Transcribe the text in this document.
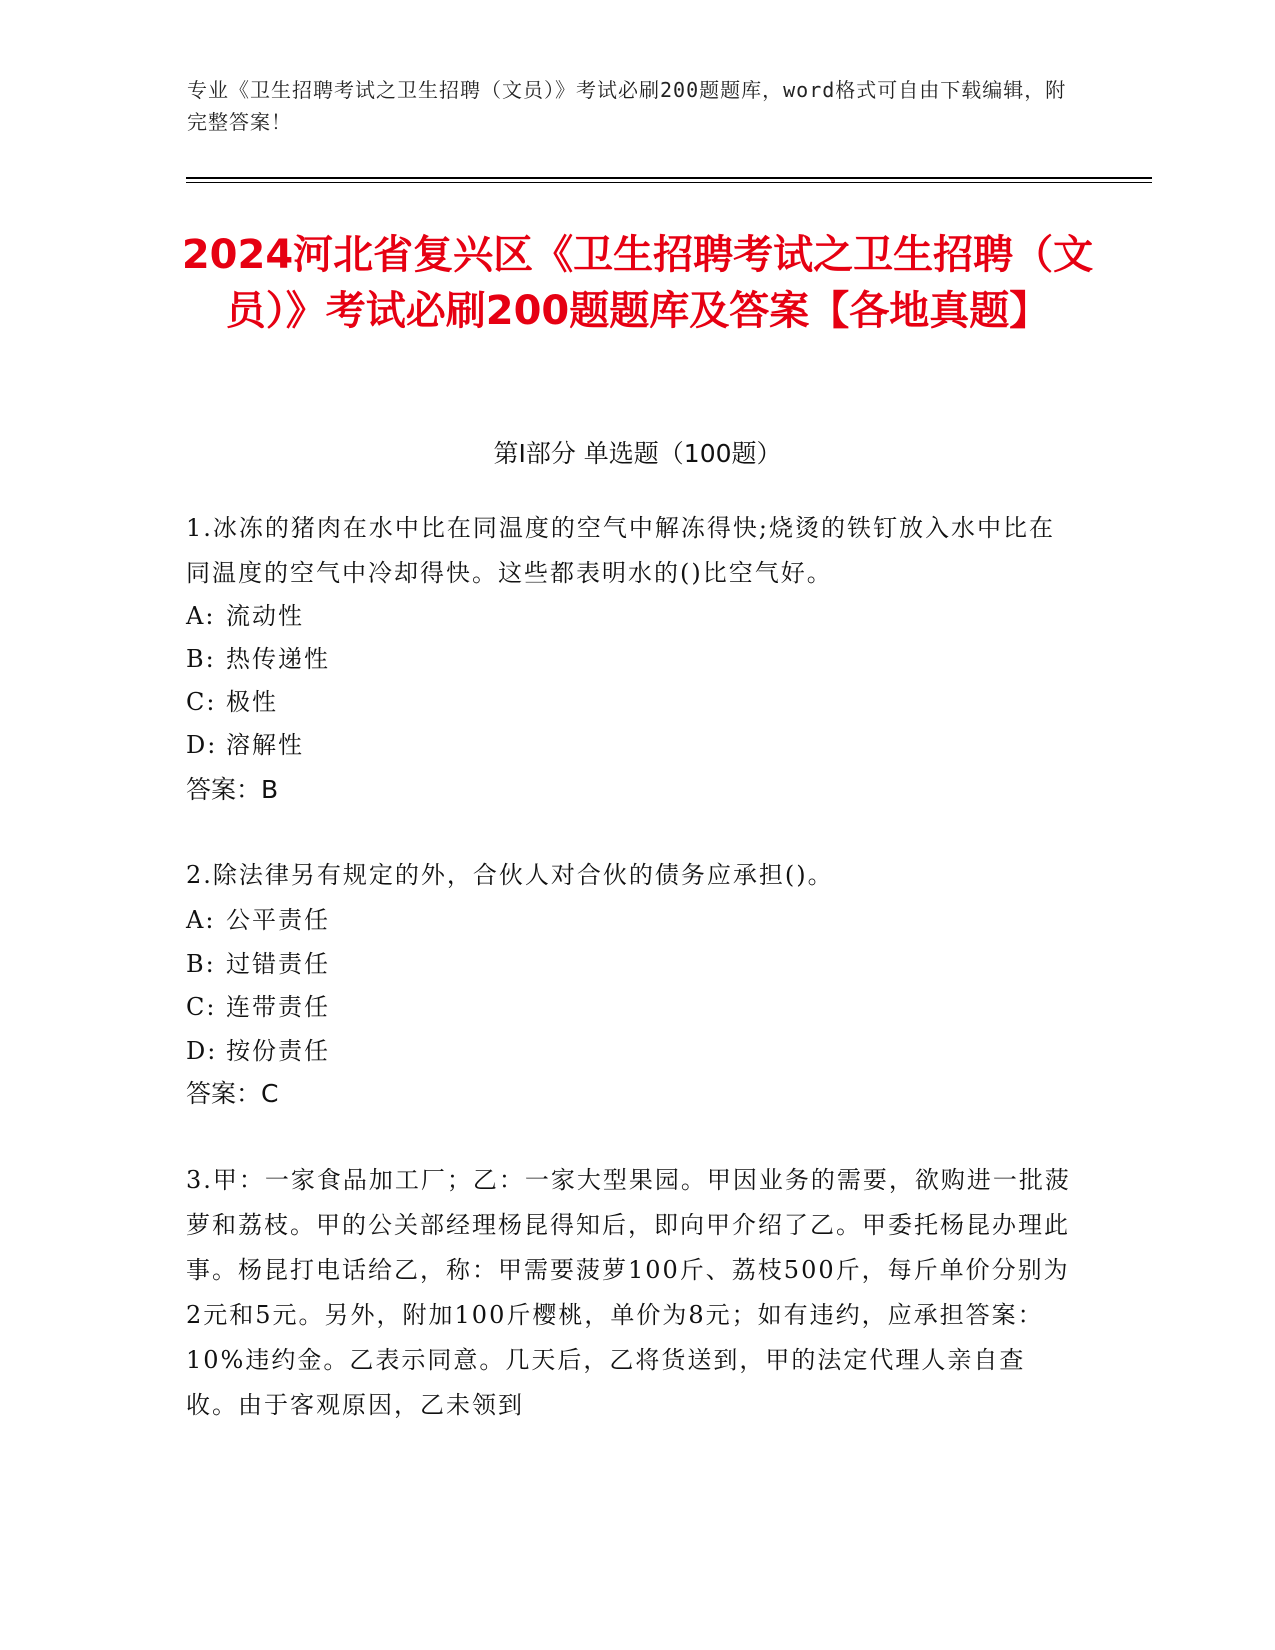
专业《卫生招聘考试之卫生招聘（文员）》考试必刷200题题库，word格式可自由下载编辑，附完整答案！
2024河北省复兴区《卫生招聘考试之卫生招聘（文员）》考试必刷200题题库及答案【各地真题】
第I部分 单选题（100题）
1.冰冻的猪肉在水中比在同温度的空气中解冻得快;烧烫的铁钉放入水中比在同温度的空气中冷却得快。这些都表明水的()比空气好。
A: 流动性
B: 热传递性
C: 极性
D: 溶解性
答案：B
2.除法律另有规定的外，合伙人对合伙的债务应承担()。
A: 公平责任
B: 过错责任
C: 连带责任
D: 按份责任
答案：C
3.甲：一家食品加工厂；乙：一家大型果园。甲因业务的需要，欲购进一批菠萝和荔枝。甲的公关部经理杨昆得知后，即向甲介绍了乙。甲委托杨昆办理此事。杨昆打电话给乙，称：甲需要菠萝100斤、荔枝500斤，每斤单价分别为2元和5元。另外，附加100斤樱桃，单价为8元；如有违约，应承担答案：10%违约金。乙表示同意。几天后，乙将货送到，甲的法定代理人亲自查收。由于客观原因，乙未领到
